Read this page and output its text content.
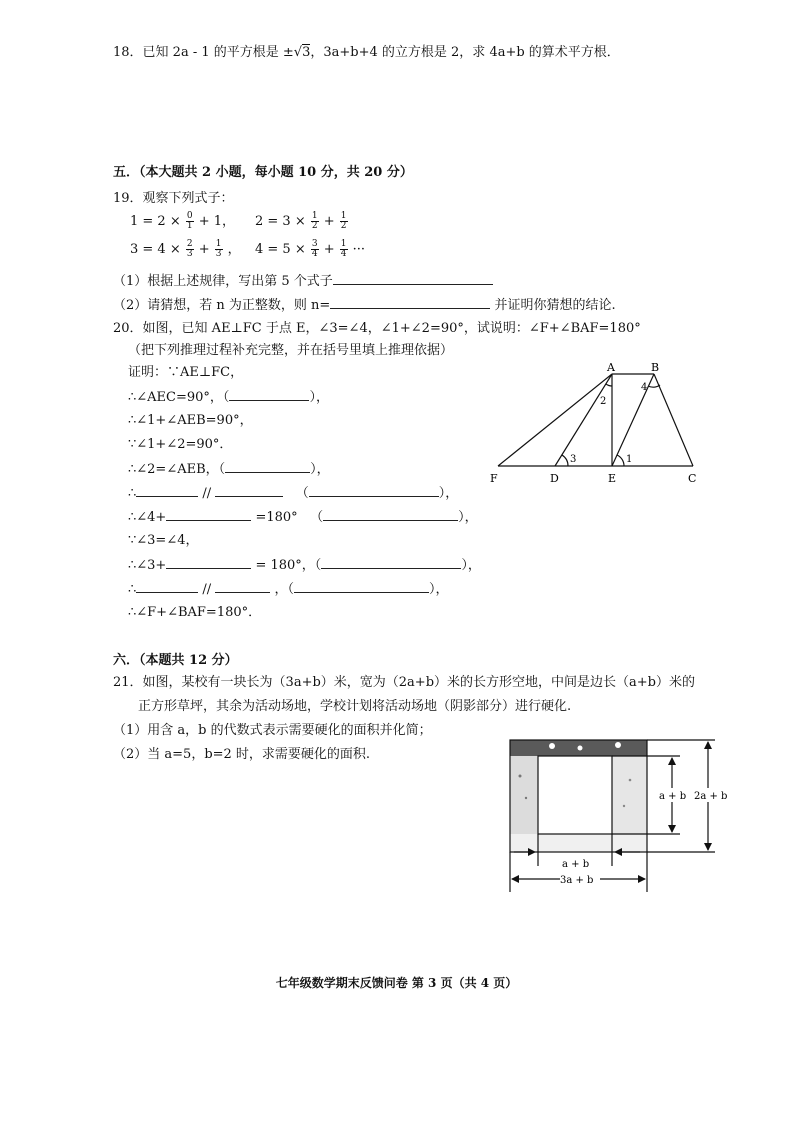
18．已知 2a - 1 的平方根是 ±√3，3a+b+4 的立方根是 2，求 4a+b 的算术平方根．
五．（本大题共 2 小题，每小题 10 分，共 20 分）
19．观察下列式子：
$1 = 2 \times \frac{0}{1} + 1$， $2 = 3 \times \frac{1}{2} + \frac{1}{2}$
$3 = 4 \times \frac{2}{3} + \frac{1}{3}$ ， $4 = 5 \times \frac{3}{4} + \frac{1}{4}$ ···
（1）根据上述规律，写出第 5 个式子
（2）请猜想，若 n 为正整数，则 n=	并证明你猜想的结论.
20．如图，已知 AE⊥FC 于点 E，∠3=∠4，∠1+∠2=90°，试说明：∠F+∠BAF=180°
（把下列推理过程补充完整，并在括号里填上推理依据）
证明：∵AE⊥FC，
∴∠AEC=90°，（	），
∴∠1+∠AEB=90°，
∵∠1+∠2=90°．
∴∠2=∠AEB，（	），
∴	//	（	），
∴∠4+	=180° （	），
∵∠3=∠4，
∴∠3+	= 180°，（	），
∴	//	，（	），
∴∠F+∠BAF=180°．
A	B
F	D	E	C
1
2
3
4
六．（本题共 12 分）
21．如图，某校有一块长为（3a+b）米，宽为（2a+b）米的长方形空地，中间是边长（a+b）米的
正方形草坪，其余为活动场地，学校计划将活动场地（阴影部分）进行硬化.
（1）用含 a，b 的代数式表示需要硬化的面积并化简；
（2）当 a=5，b=2 时，求需要硬化的面积.
a + b 2a + b
a + b
3a + b
七年级数学期末反馈问卷 第 3 页（共 4 页）
